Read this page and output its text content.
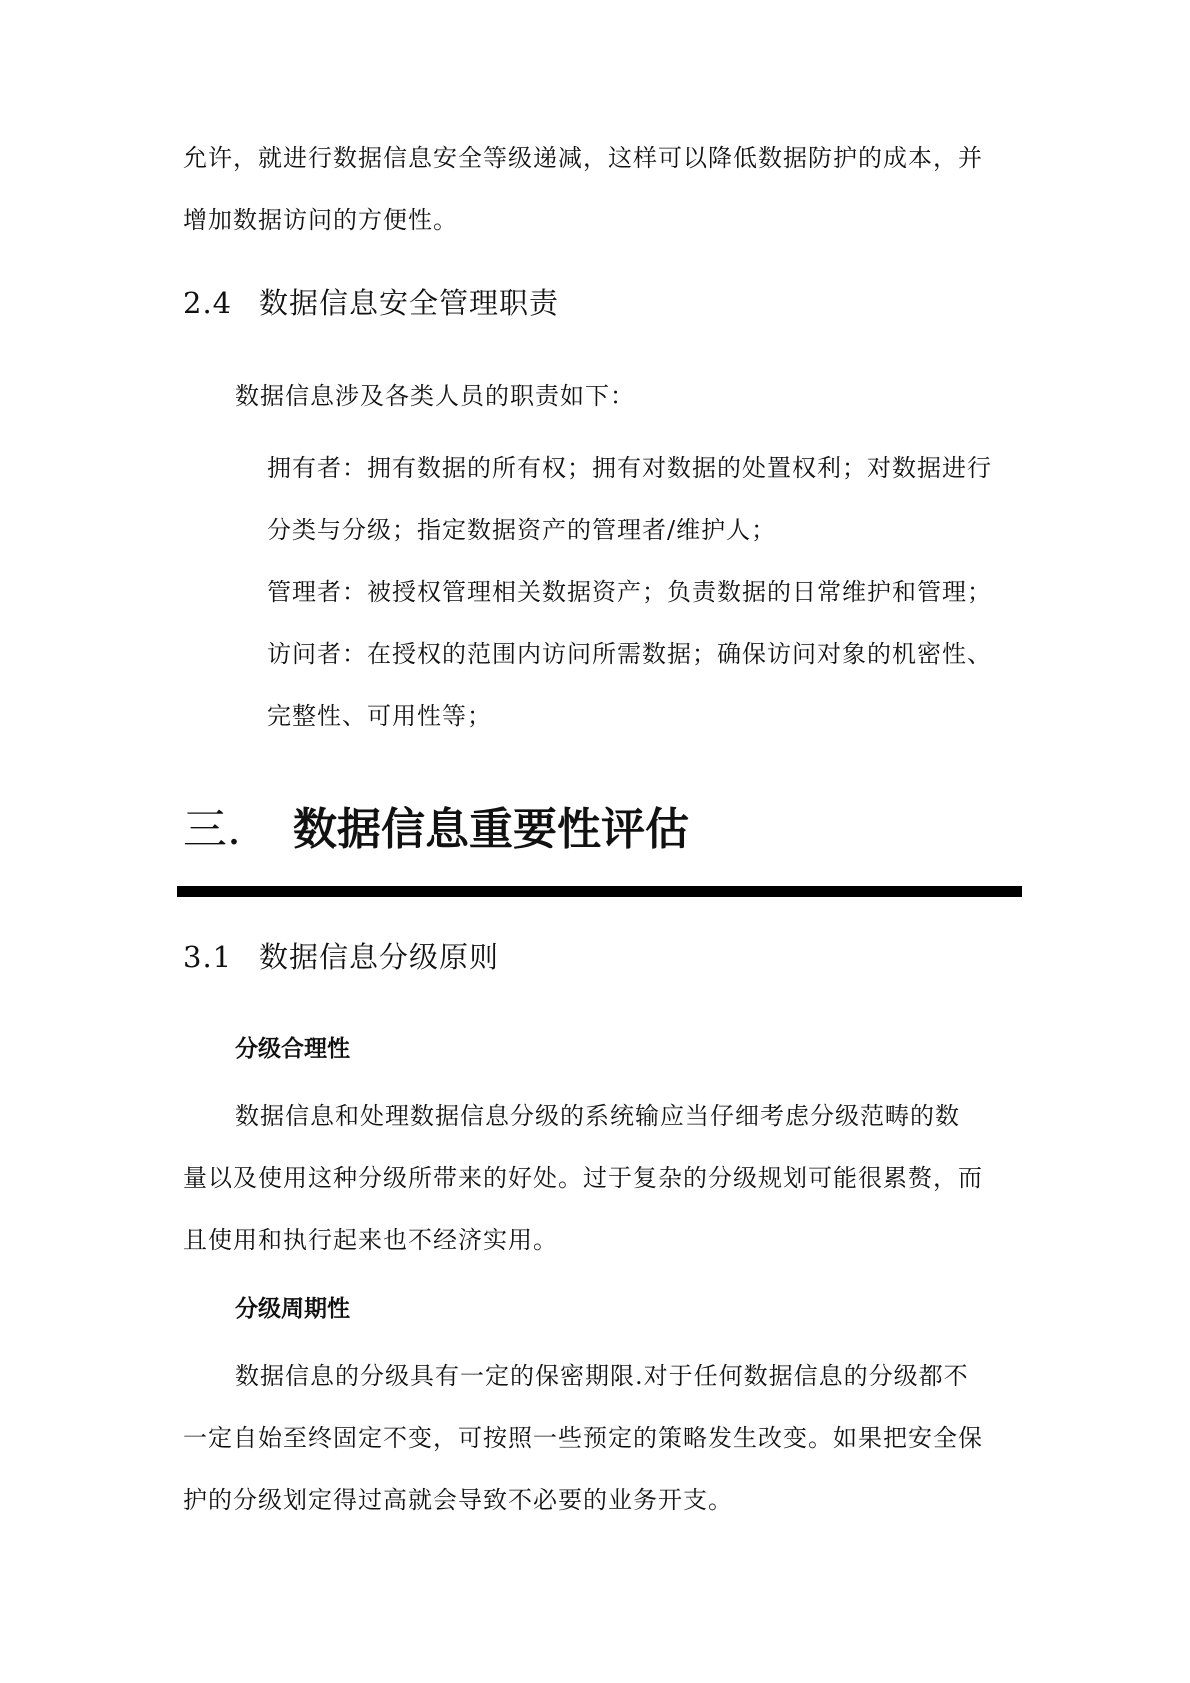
允许，就进行数据信息安全等级递减，这样可以降低数据防护的成本，并
增加数据访问的方便性。
2.4 数据信息安全管理职责
数据信息涉及各类人员的职责如下：
拥有者：拥有数据的所有权；拥有对数据的处置权利；对数据进行
分类与分级；指定数据资产的管理者/维护人；
管理者：被授权管理相关数据资产；负责数据的日常维护和管理；
访问者：在授权的范围内访问所需数据；确保访问对象的机密性、
完整性、可用性等；
三. 数据信息重要性评估
3.1 数据信息分级原则
分级合理性
数据信息和处理数据信息分级的系统输应当仔细考虑分级范畴的数
量以及使用这种分级所带来的好处。过于复杂的分级规划可能很累赘，而
且使用和执行起来也不经济实用。
分级周期性
数据信息的分级具有一定的保密期限.对于任何数据信息的分级都不
一定自始至终固定不变，可按照一些预定的策略发生改变。如果把安全保
护的分级划定得过高就会导致不必要的业务开支。
